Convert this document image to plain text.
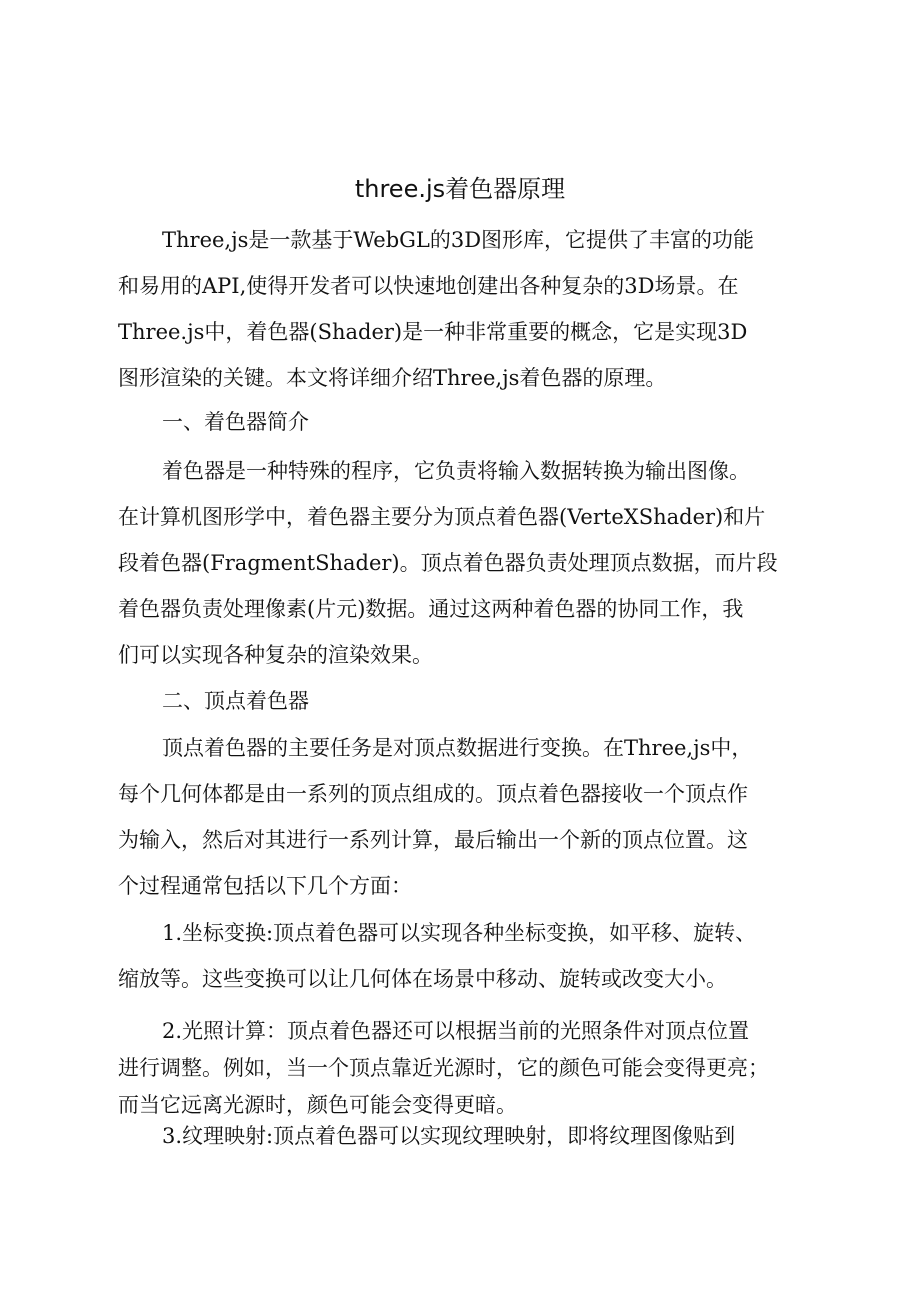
three.js着色器原理
Three,js是一款基于WebGL的3D图形库，它提供了丰富的功能
和易用的API,使得开发者可以快速地创建出各种复杂的3D场景。在
Three.js中，着色器(Shader)是一种非常重要的概念，它是实现3D
图形渲染的关键。本文将详细介绍Three,js着色器的原理。
一、着色器简介
着色器是一种特殊的程序，它负责将输入数据转换为输出图像。
在计算机图形学中，着色器主要分为顶点着色器(VerteXShader)和片
段着色器(FragmentShader)。顶点着色器负责处理顶点数据，而片段
着色器负责处理像素(片元)数据。通过这两种着色器的协同工作，我
们可以实现各种复杂的渲染效果。
二、顶点着色器
顶点着色器的主要任务是对顶点数据进行变换。在Three,js中，
每个几何体都是由一系列的顶点组成的。顶点着色器接收一个顶点作
为输入，然后对其进行一系列计算，最后输出一个新的顶点位置。这
个过程通常包括以下几个方面：
1.坐标变换:顶点着色器可以实现各种坐标变换，如平移、旋转、
缩放等。这些变换可以让几何体在场景中移动、旋转或改变大小。
2.光照计算：顶点着色器还可以根据当前的光照条件对顶点位置
进行调整。例如，当一个顶点靠近光源时，它的颜色可能会变得更亮；
而当它远离光源时，颜色可能会变得更暗。
3.纹理映射:顶点着色器可以实现纹理映射，即将纹理图像贴到
